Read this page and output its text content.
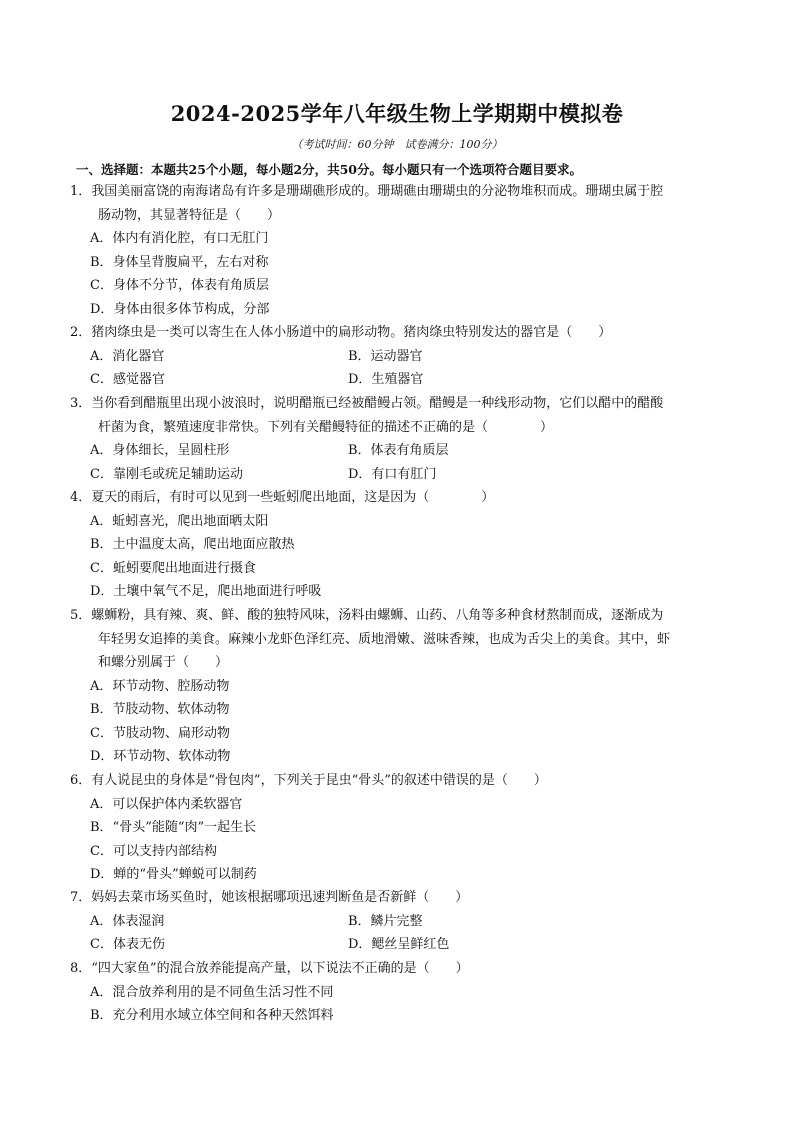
2024-2025学年八年级生物上学期期中模拟卷
（考试时间：60分钟　试卷满分：100分）
一、选择题：本题共25个小题，每小题2分，共50分。每小题只有一个选项符合题目要求。

1．我国美丽富饶的南海诸岛有许多是珊瑚礁形成的。珊瑚礁由珊瑚虫的分泌物堆积而成。珊瑚虫属于腔

肠动物，其显著特征是（　　）

A．体内有消化腔，有口无肛门
B．身体呈背腹扁平，左右对称
C．身体不分节，体表有角质层
D．身体由很多体节构成，分部

2．猪肉绦虫是一类可以寄生在人体小肠道中的扁形动物。猪肉绦虫特别发达的器官是（　　）

A．消化器官	B．运动器官
C．感觉器官	D．生殖器官

3．当你看到醋瓶里出现小波浪时，说明醋瓶已经被醋鳗占领。醋鳗是一种线形动物，它们以醋中的醋酸

杆菌为食，繁殖速度非常快。下列有关醋鳗特征的描述不正确的是（　　　　）

A．身体细长，呈圆柱形	B．体表有角质层
C．靠刚毛或疣足辅助运动	D．有口有肛门

4．夏天的雨后，有时可以见到一些蚯蚓爬出地面，这是因为（　　　　）

A．蚯蚓喜光，爬出地面晒太阳
B．土中温度太高，爬出地面应散热
C．蚯蚓要爬出地面进行摄食
D．土壤中氧气不足，爬出地面进行呼吸

5．螺蛳粉，具有辣、爽、鲜、酸的独特风味，汤料由螺蛳、山药、八角等多种食材熬制而成，逐渐成为

年轻男女追捧的美食。麻辣小龙虾色泽红亮、质地滑嫩、滋味香辣，也成为舌尖上的美食。其中，虾

和螺分别属于（　　）

A．环节动物、腔肠动物
B．节肢动物、软体动物
C．节肢动物、扁形动物
D．环节动物、软体动物

6．有人说昆虫的身体是“骨包肉”，下列关于昆虫“骨头”的叙述中错误的是（　　）

A．可以保护体内柔软器官
B．“骨头”能随“肉”一起生长
C．可以支持内部结构
D．蝉的“骨头”蝉蜕可以制药

7．妈妈去菜市场买鱼时，她该根据哪项迅速判断鱼是否新鲜（　　）

A．体表湿润	B．鳞片完整
C．体表无伤	D．鳃丝呈鲜红色

8．“四大家鱼”的混合放养能提高产量，以下说法不正确的是（　　）

A．混合放养利用的是不同鱼生活习性不同
B．充分利用水域立体空间和各种天然饵料
